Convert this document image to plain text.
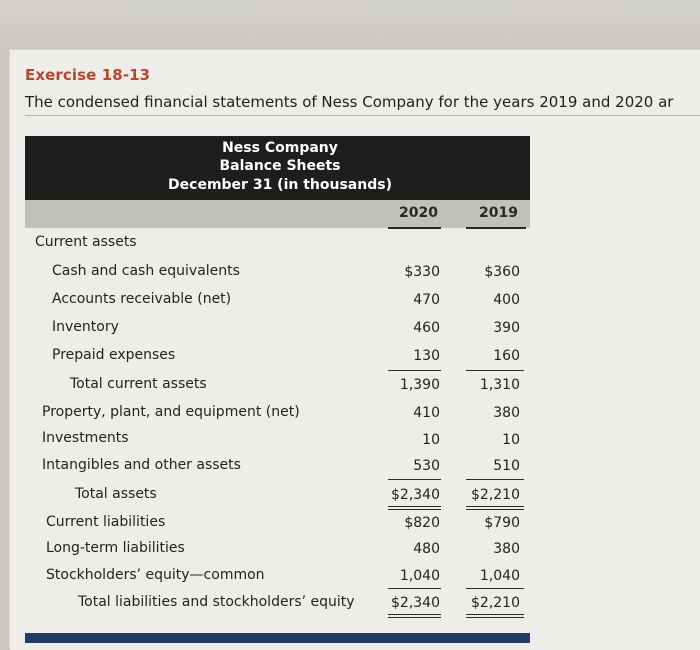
Exercise 18-13
The condensed financial statements of Ness Company for the years 2019 and 2020 ar
Ness Company
Balance Sheets
December 31 (in thousands)
2020	2019
Current assets
Cash and cash equivalents	$330	$360
Accounts receivable (net)	470	400
Inventory	460	390
Prepaid expenses	130	160
Total current assets	1,390	1,310
Property, plant, and equipment (net)	410	380
Investments	10	10
Intangibles and other assets	530	510
Total assets	$2,340	$2,210
Current liabilities	$820	$790
Long-term liabilities	480	380
Stockholders’ equity—common	1,040	1,040
Total liabilities and stockholders’ equity	$2,340	$2,210
